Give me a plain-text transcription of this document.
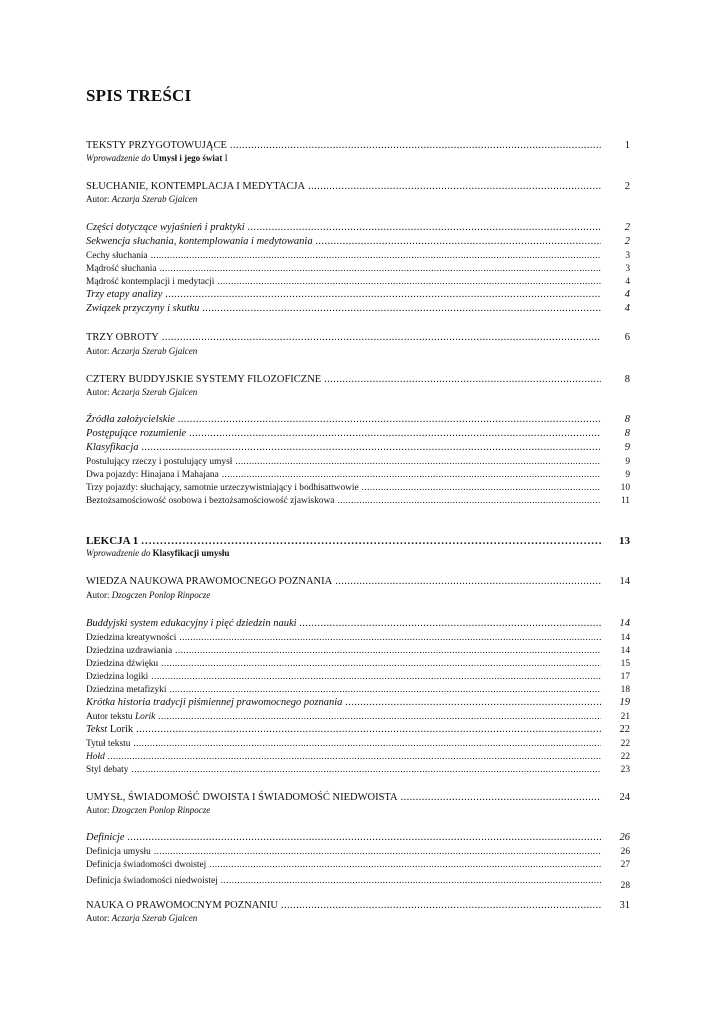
SPIS TREŚCI
TEKSTY PRZYGOTOWUJĄCE .....	1
Wprowadzenie do Umysł i jego świat I
SŁUCHANIE, KONTEMPLACJA I MEDYTACJA .....	2
Autor: Aczarja Szerab Gjalcen
Części dotyczące wyjaśnień i praktyki .....	2
Sekwencja słuchania, kontemplowania i medytowania .....	2
Cechy słuchania .....	3
Mądrość słuchania .....	3
Mądrość kontemplacji i medytacji .....	4
Trzy etapy analizy .....	4
Związek przyczyny i skutku .....	4
TRZY OBROTY .....	6
Autor: Aczarja Szerab Gjalcen
CZTERY BUDDYJSKIE SYSTEMY FILOZOFICZNE .....	8
Autor: Aczarja Szerab Gjalcen
Źródła założycielskie .....	8
Postępujące rozumienie .....	8
Klasyfikacja .....	9
Postulujący rzeczy i postulujący umysł .....	9
Dwa pojazdy: Hinajana i Mahajana .....	9
Trzy pojazdy: słuchający, samotnie urzeczywistniający i bodhisattwowie .....	10
Beztożsamościowość osobowa i beztożsamościowość zjawiskowa .....	11
LEKCJA 1 .....	13
Wprowadzenie do Klasyfikacji umysłu
WIEDZA NAUKOWA PRAWOMOCNEGO POZNANIA .....	14
Autor: Dzogczen Ponlop Rinpocze
Buddyjski system edukacyjny i pięć dziedzin nauki .....	14
Dziedzina kreatywności .....	14
Dziedzina uzdrawiania .....	14
Dziedzina dźwięku .....	15
Dziedzina logiki .....	17
Dziedzina metafizyki .....	18
Krótka historia tradycji piśmiennej prawomocnego poznania .....	19
Autor tekstu Lorik .....	21
Tekst Lorik .....	22
Tytuł tekstu .....	22
Hołd .....	22
Styl debaty .....	23
UMYSŁ, ŚWIADOMOŚĆ DWOISTA I ŚWIADOMOŚĆ NIEDWOISTA .....	24
Autor: Dzogczen Ponlop Rinpocze
Definicje .....	26
Definicja umysłu .....	26
Definicja świadomości dwoistej .....	27
Definicja świadomości niedwoistej .....	28
NAUKA O PRAWOMOCNYM POZNANIU .....	31
Autor: Aczarja Szerab Gjalcen
